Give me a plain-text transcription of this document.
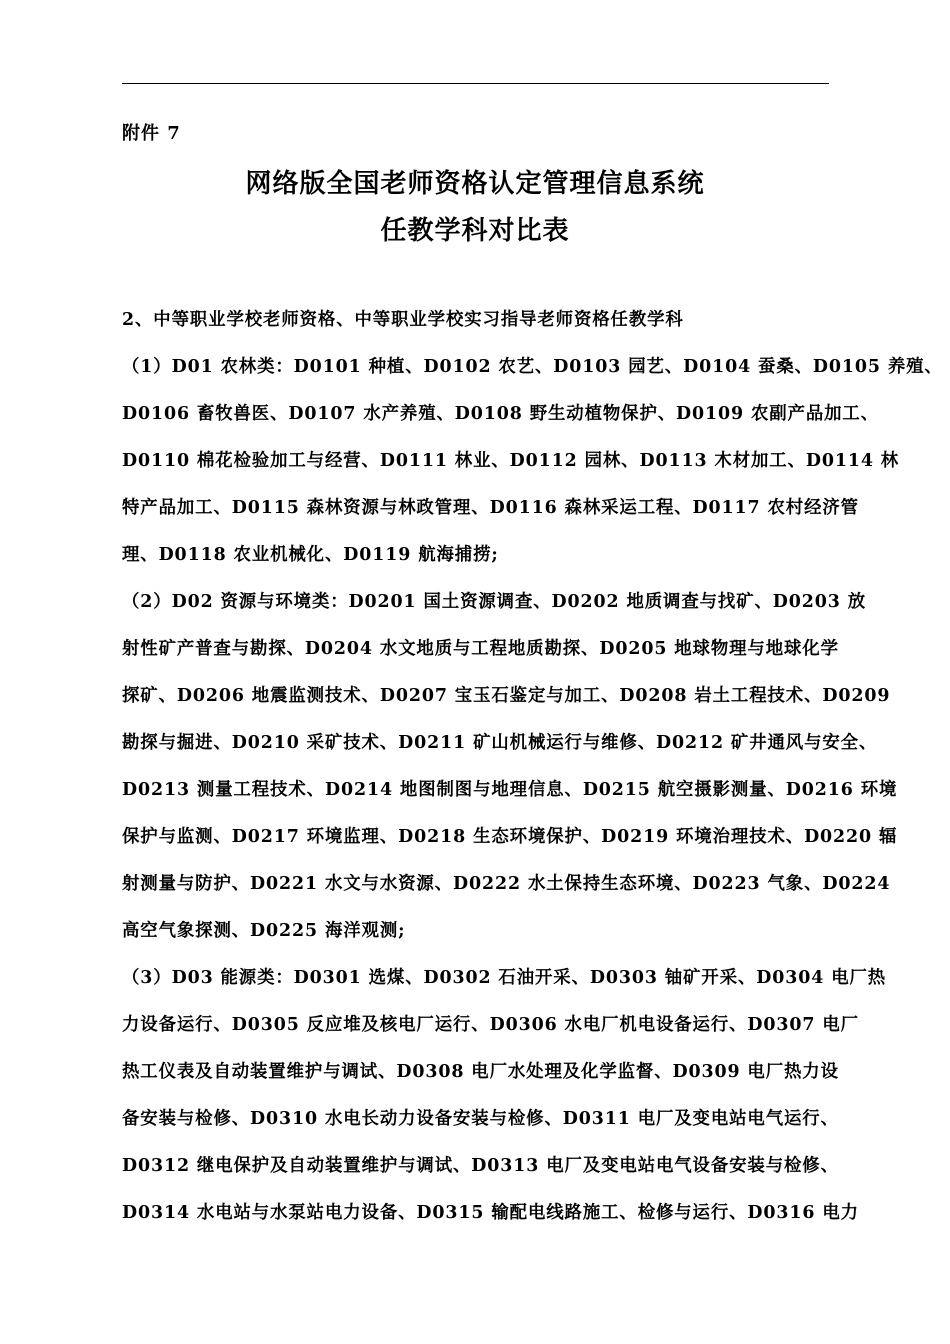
附件 7
网络版全国老师资格认定管理信息系统
任教学科对比表
2、中等职业学校老师资格、中等职业学校实习指导老师资格任教学科
（1）D01 农林类：D0101 种植、D0102 农艺、D0103 园艺、D0104 蚕桑、D0105 养殖、
D0106 畜牧兽医、D0107 水产养殖、D0108 野生动植物保护、D0109 农副产品加工、
D0110 棉花检验加工与经营、D0111 林业、D0112 园林、D0113 木材加工、D0114 林
特产品加工、D0115 森林资源与林政管理、D0116 森林采运工程、D0117 农村经济管
理、D0118 农业机械化、D0119 航海捕捞;
（2）D02 资源与环境类：D0201 国土资源调查、D0202 地质调查与找矿、D0203 放
射性矿产普查与勘探、D0204 水文地质与工程地质勘探、D0205 地球物理与地球化学
探矿、D0206 地震监测技术、D0207 宝玉石鉴定与加工、D0208 岩土工程技术、D0209
勘探与掘进、D0210 采矿技术、D0211 矿山机械运行与维修、D0212 矿井通风与安全、
D0213 测量工程技术、D0214 地图制图与地理信息、D0215 航空摄影测量、D0216 环境
保护与监测、D0217 环境监理、D0218 生态环境保护、D0219 环境治理技术、D0220 辐
射测量与防护、D0221 水文与水资源、D0222 水土保持生态环境、D0223 气象、D0224
高空气象探测、D0225 海洋观测;
（3）D03 能源类：D0301 选煤、D0302 石油开采、D0303 铀矿开采、D0304 电厂热
力设备运行、D0305 反应堆及核电厂运行、D0306 水电厂机电设备运行、D0307 电厂
热工仪表及自动装置维护与调试、D0308 电厂水处理及化学监督、D0309 电厂热力设
备安装与检修、D0310 水电长动力设备安装与检修、D0311 电厂及变电站电气运行、
D0312 继电保护及自动装置维护与调试、D0313 电厂及变电站电气设备安装与检修、
D0314 水电站与水泵站电力设备、D0315 输配电线路施工、检修与运行、D0316 电力
